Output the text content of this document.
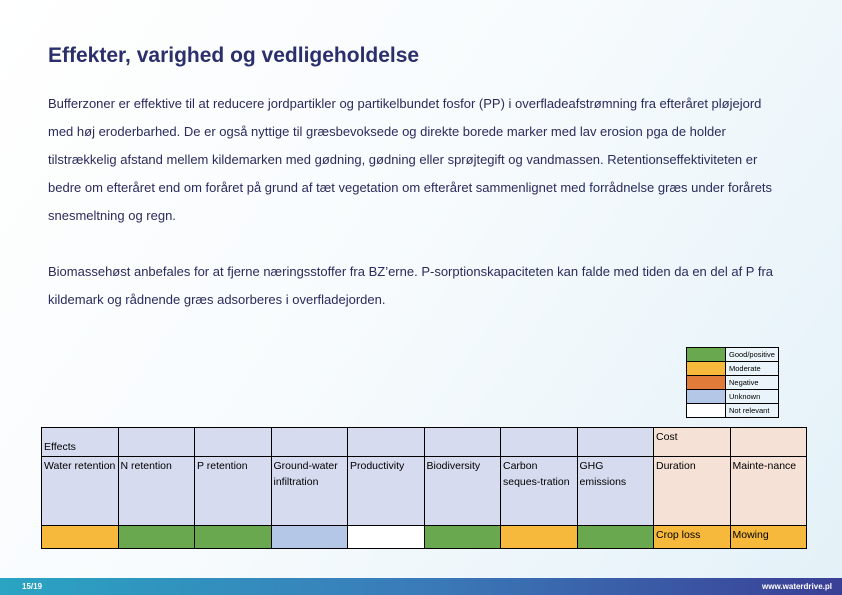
Effekter, varighed og vedligeholdelse

Bufferzoner er effektive til at reducere jordpartikler og partikelbundet fosfor (PP) i overfladeafstrømning fra efteråret pløjejord med høj eroderbarhed. De er også nyttige til græsbevoksede og direkte borede marker med lav erosion pga de holder tilstrækkelig afstand mellem kildemarken med gødning, gødning eller sprøjtegift og vandmassen. Retentionseffektiviteten er bedre om efteråret end om foråret på grund af tæt vegetation om efteråret sammenlignet med forrådnelse græs under forårets snesmeltning og regn.

Biomassehøst anbefales for at fjerne næringsstoffer fra BZ’erne. P-sorptionskapaciteten kan falde med tiden da en del af P fra kildemark og rådnende græs adsorberes i overfladejorden.

	Good/positive
	Moderate
	Negative
	Unknown
	Not relevant
Effects								Cost	
Water retention	N retention	P retention	Ground-water infiltration	Productivity	Biodiversity	Carbon seques-tration	GHG emissions	Duration	Mainte-nance
								Crop loss	Mowing
15/19	www.waterdrive.pl
